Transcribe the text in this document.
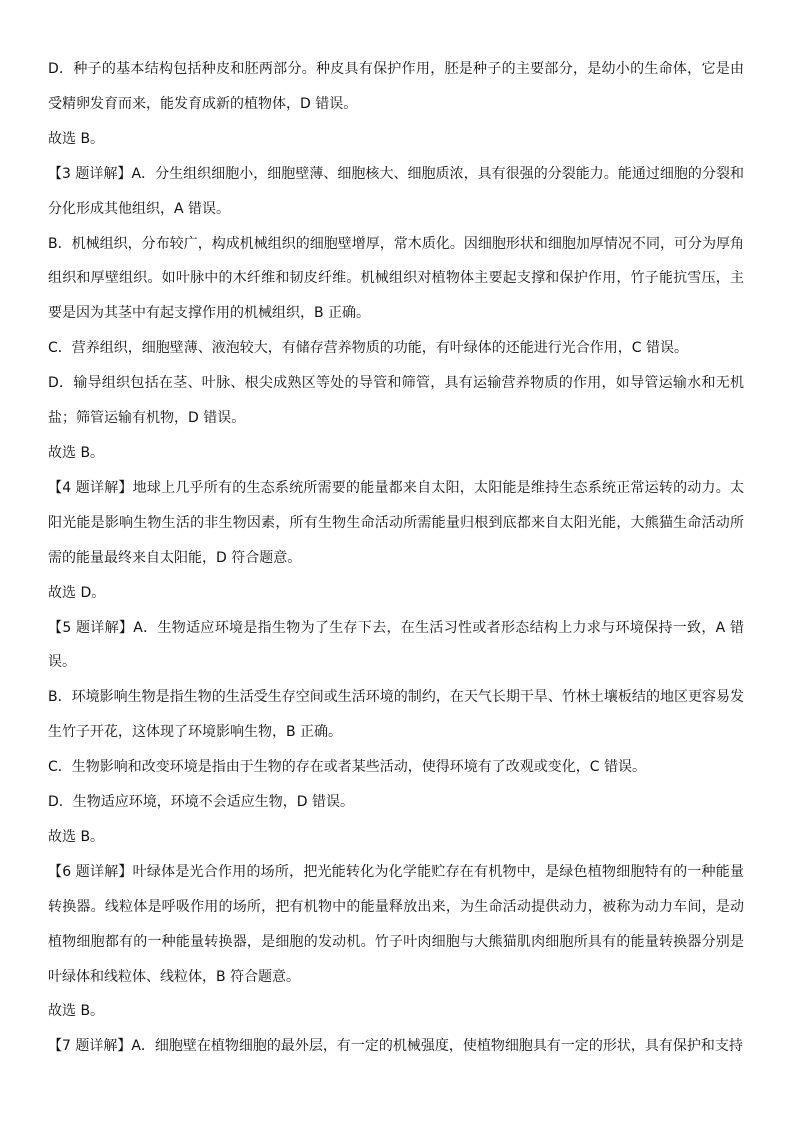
D．种子的基本结构包括种皮和胚两部分。种皮具有保护作用，胚是种子的主要部分，是幼小的生命体，它是由受精卵发育而来，能发育成新的植物体，D 错误。

故选 B。

【3 题详解】A．分生组织细胞小，细胞壁薄、细胞核大、细胞质浓，具有很强的分裂能力。能通过细胞的分裂和分化形成其他组织，A 错误。

B．机械组织，分布较广，构成机械组织的细胞壁增厚，常木质化。因细胞形状和细胞加厚情况不同，可分为厚角组织和厚壁组织。如叶脉中的木纤维和韧皮纤维。机械组织对植物体主要起支撑和保护作用，竹子能抗雪压，主要是因为其茎中有起支撑作用的机械组织，B 正确。

C．营养组织，细胞壁薄、液泡较大，有储存营养物质的功能，有叶绿体的还能进行光合作用，C 错误。

D．输导组织包括在茎、叶脉、根尖成熟区等处的导管和筛管，具有运输营养物质的作用，如导管运输水和无机盐；筛管运输有机物，D 错误。

故选 B。

【4 题详解】地球上几乎所有的生态系统所需要的能量都来自太阳，太阳能是维持生态系统正常运转的动力。太阳光能是影响生物生活的非生物因素，所有生物生命活动所需能量归根到底都来自太阳光能，大熊猫生命活动所需的能量最终来自太阳能，D 符合题意。

故选 D。

【5 题详解】A．生物适应环境是指生物为了生存下去，在生活习性或者形态结构上力求与环境保持一致，A 错误。

B．环境影响生物是指生物的生活受生存空间或生活环境的制约，在天气长期干旱、竹林土壤板结的地区更容易发生竹子开花，这体现了环境影响生物，B 正确。

C．生物影响和改变环境是指由于生物的存在或者某些活动，使得环境有了改观或变化，C 错误。

D．生物适应环境，环境不会适应生物，D 错误。

故选 B。

【6 题详解】叶绿体是光合作用的场所，把光能转化为化学能贮存在有机物中，是绿色植物细胞特有的一种能量转换器。线粒体是呼吸作用的场所，把有机物中的能量释放出来，为生命活动提供动力，被称为动力车间，是动植物细胞都有的一种能量转换器，是细胞的发动机。竹子叶肉细胞与大熊猫肌肉细胞所具有的能量转换器分别是叶绿体和线粒体、线粒体，B 符合题意。

故选 B。

【7 题详解】A．细胞壁在植物细胞的最外层，有一定的机械强度，使植物细胞具有一定的形状，具有保护和支持
